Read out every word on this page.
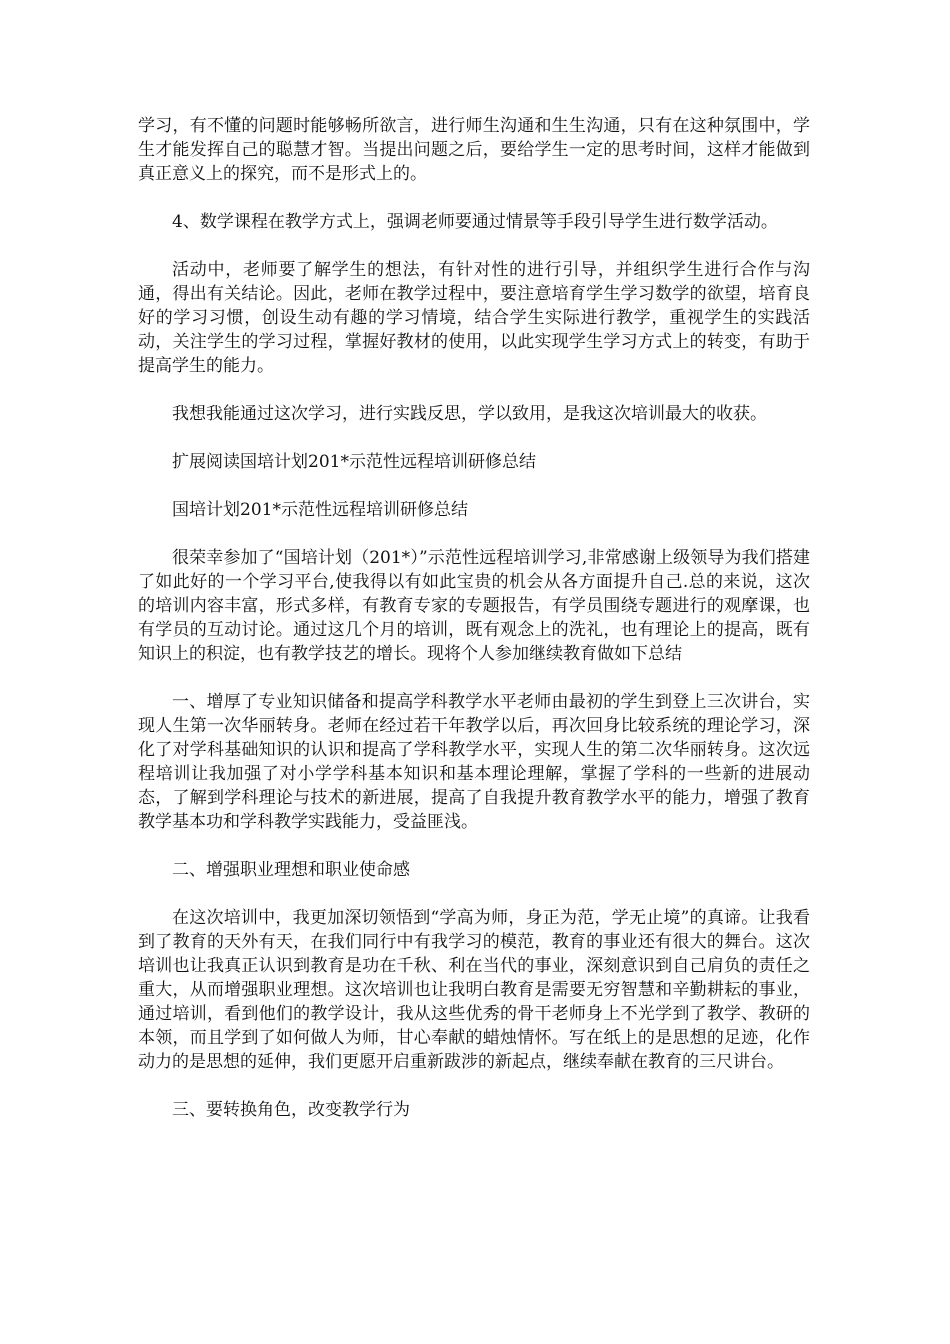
学习，有不懂的问题时能够畅所欲言，进行师生沟通和生生沟通，只有在这种氛围中，学生才能发挥自己的聪慧才智。当提出问题之后，要给学生一定的思考时间，这样才能做到真正意义上的探究，而不是形式上的。

4、数学课程在教学方式上，强调老师要通过情景等手段引导学生进行数学活动。

活动中，老师要了解学生的想法，有针对性的进行引导，并组织学生进行合作与沟通，得出有关结论。因此，老师在教学过程中，要注意培育学生学习数学的欲望，培育良好的学习习惯，创设生动有趣的学习情境，结合学生实际进行教学，重视学生的实践活动，关注学生的学习过程，掌握好教材的使用，以此实现学生学习方式上的转变，有助于提高学生的能力。

我想我能通过这次学习，进行实践反思，学以致用，是我这次培训最大的收获。

扩展阅读国培计划201*示范性远程培训研修总结

国培计划201*示范性远程培训研修总结

很荣幸参加了“国培计划（201*）”示范性远程培训学习,非常感谢上级领导为我们搭建了如此好的一个学习平台,使我得以有如此宝贵的机会从各方面提升自己.总的来说，这次的培训内容丰富，形式多样，有教育专家的专题报告，有学员围绕专题进行的观摩课，也有学员的互动讨论。通过这几个月的培训，既有观念上的洗礼，也有理论上的提高，既有知识上的积淀，也有教学技艺的增长。现将个人参加继续教育做如下总结

一、增厚了专业知识储备和提高学科教学水平老师由最初的学生到登上三次讲台，实现人生第一次华丽转身。老师在经过若干年教学以后，再次回身比较系统的理论学习，深化了对学科基础知识的认识和提高了学科教学水平，实现人生的第二次华丽转身。这次远程培训让我加强了对小学学科基本知识和基本理论理解，掌握了学科的一些新的进展动态，了解到学科理论与技术的新进展，提高了自我提升教育教学水平的能力，增强了教育教学基本功和学科教学实践能力，受益匪浅。

二、增强职业理想和职业使命感

在这次培训中，我更加深切领悟到“学高为师，身正为范，学无止境”的真谛。让我看到了教育的天外有天，在我们同行中有我学习的模范，教育的事业还有很大的舞台。这次培训也让我真正认识到教育是功在千秋、利在当代的事业，深刻意识到自己肩负的责任之重大，从而增强职业理想。这次培训也让我明白教育是需要无穷智慧和辛勤耕耘的事业，通过培训，看到他们的教学设计，我从这些优秀的骨干老师身上不光学到了教学、教研的本领，而且学到了如何做人为师，甘心奉献的蜡烛情怀。写在纸上的是思想的足迹，化作动力的是思想的延伸，我们更愿开启重新跋涉的新起点，继续奉献在教育的三尺讲台。

三、要转换角色，改变教学行为
